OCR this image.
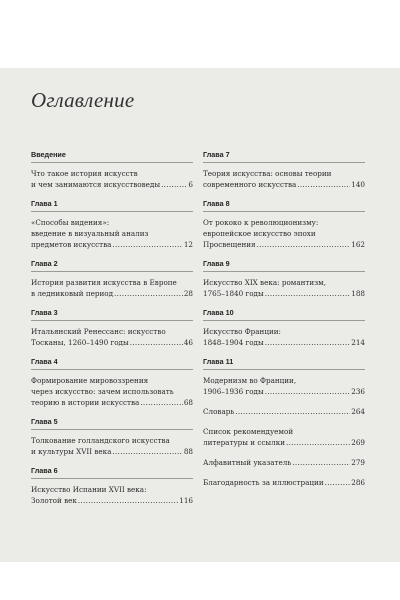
Оглавление
Введение
Что такое история искусств
и чем занимаются искусствоведы .....	6
Глава 1
«Способы видения»:
введение в визуальный анализ
предметов искусства .....	12
Глава 2
История развития искусства в Европе
в ледниковый период .....	28
Глава 3
Итальянский Ренессанс: искусство
Тосканы, 1260–1490 годы .....	46
Глава 4
Формирование мировоззрения
через искусство: зачем использовать
теорию в истории искусства .....	68
Глава 5
Толкование голландского искусства
и культуры XVII века .....	88
Глава 6
Искусство Испании XVII века:
Золотой век .....	116
Глава 7
Теория искусства: основы теории
современного искусства .....	140
Глава 8
От рококо к революционизму:
европейское искусство эпохи
Просвещения .....	162
Глава 9
Искусство XIX века: романтизм,
1765–1840 годы .....	188
Глава 10
Искусство Франции:
1848–1904 годы .....	214
Глава 11
Модернизм во Франции,
1906–1936 годы .....	236
Словарь .....	264
Список рекомендуемой
литературы и ссылки .....	269
Алфавитный указатель .....	279
Благодарность за иллюстрации .....	286
